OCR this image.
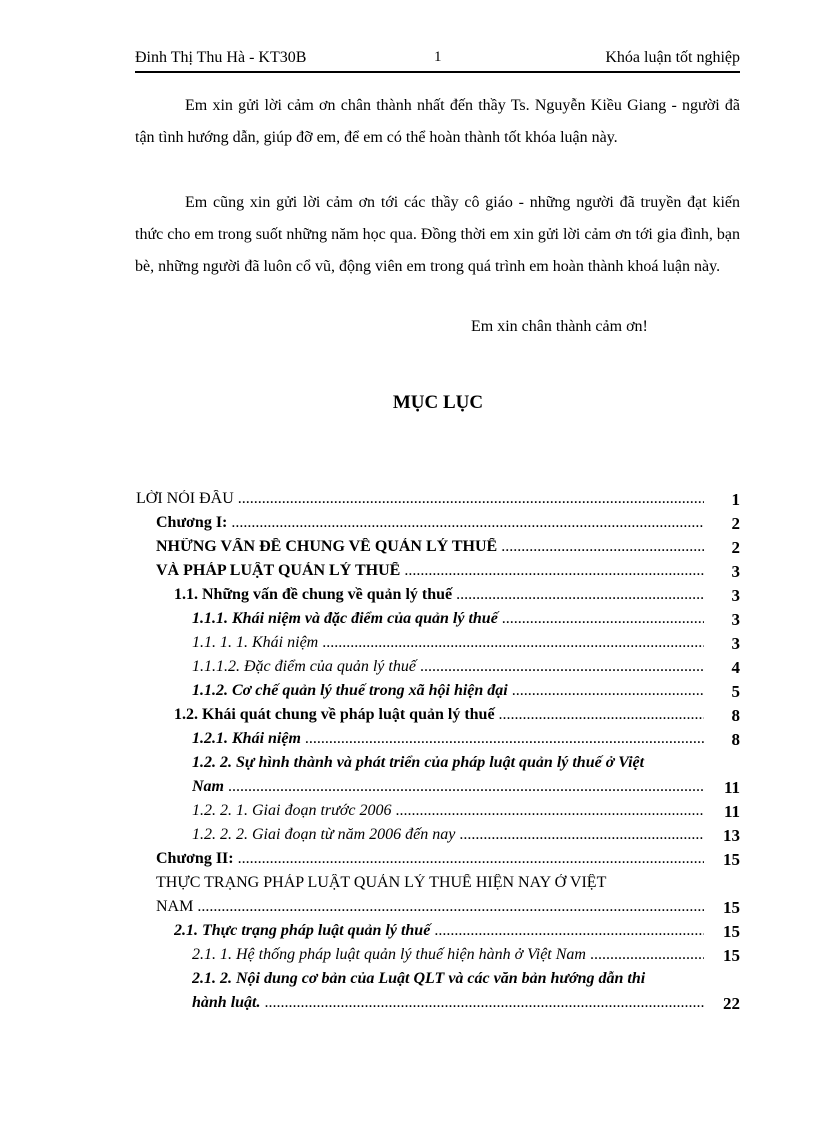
Đinh Thị Thu Hà - KT30B	1	Khóa luận tốt nghiệp

Em xin gửi lời cảm ơn chân thành nhất đến thầy Ts. Nguyễn Kiều Giang - người đã tận tình hướng dẫn, giúp đỡ em, để em có thể hoàn thành tốt khóa luận này.

Em cũng xin gửi lời cảm ơn tới các thầy cô giáo - những người đã truyền đạt kiến thức cho em trong suốt những năm học qua. Đồng thời em xin gửi lời cảm ơn tới gia đình, bạn bè, những người đã luôn cổ vũ, động viên em trong quá trình em hoàn thành khoá luận này.

Em xin chân thành cảm ơn!
MỤC LỤC
LỜI NÓI ĐẦU .....	1
Chương I: .....	2
NHỮNG VẤN ĐỀ CHUNG VỀ QUẢN LÝ THUẾ .....	2
VÀ PHÁP LUẬT QUẢN LÝ THUẾ .....	3
1.1. Những vấn đề chung về quản lý thuế .....	3
1.1.1. Khái niệm và đặc điểm của quản lý thuế .....	3
1.1. 1. 1. Khái niệm .....	3
1.1.1.2. Đặc điểm của quản lý thuế .....	4
1.1.2. Cơ chế quản lý thuế trong xã hội hiện đại .....	5
1.2. Khái quát chung về pháp luật quản lý thuế .....	8
1.2.1. Khái niệm .....	8
1.2. 2. Sự hình thành và phát triển của pháp luật quản lý thuế ở Việt
Nam .....	11
1.2. 2. 1. Giai đoạn trước 2006 .....	11
1.2. 2. 2. Giai đoạn từ năm 2006 đến nay .....	13
Chương II: .....	15
THỰC TRẠNG PHÁP LUẬT QUẢN LÝ THUẾ HIỆN NAY Ở VIỆT
NAM .....	15
2.1. Thực trạng pháp luật quản lý thuế .....	15
2.1. 1. Hệ thống pháp luật quản lý thuế hiện hành ở Việt Nam .....	15
2.1. 2. Nội dung cơ bản của Luật QLT và các văn bản hướng dẫn thi
hành luật. .....	22
